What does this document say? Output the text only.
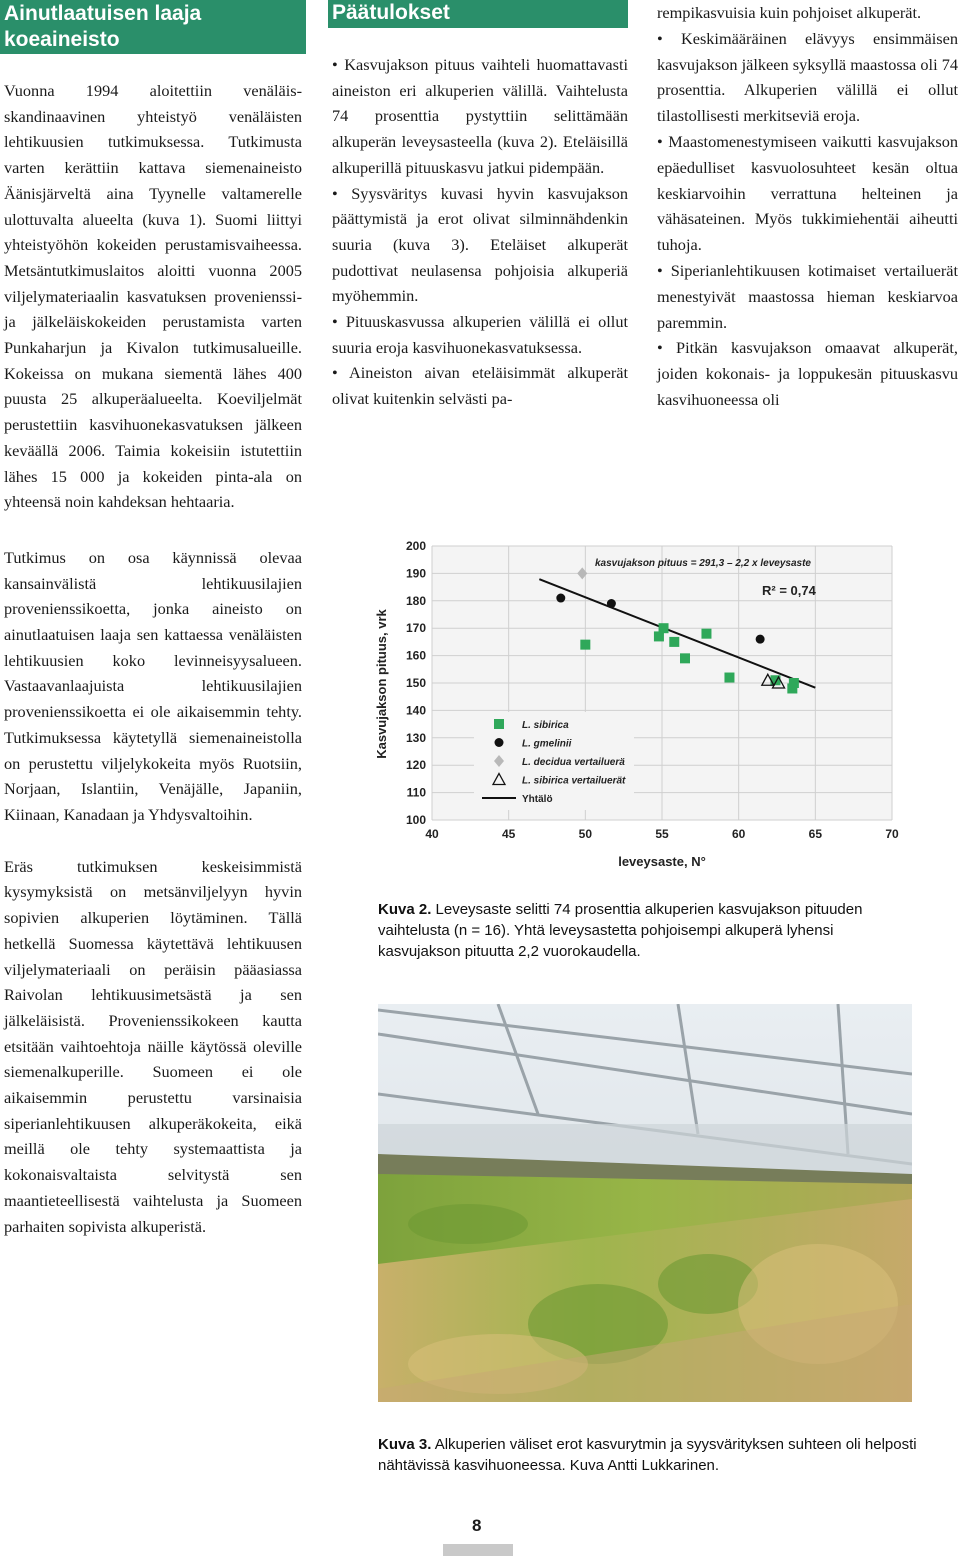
Ainutlaatuisen laaja
koeaineisto

Vuonna 1994 aloitettiin venäläis-skandinaavinen yhteistyö venäläisten lehtikuusien tutkimuksessa. Tutkimusta varten kerättiin kattava siemenaineisto Äänisjärveltä aina Tyynelle valtamerelle ulottuvalta alueelta (kuva 1). Suomi liittyi yhteistyöhön kokeiden perustamisvaiheessa. Metsäntutkimuslaitos aloitti vuonna 2005 viljelymateriaalin kasvatuksen provenienssi- ja jälkeläiskokeiden perustamista varten Punkaharjun ja Kivalon tutkimusalueille. Kokeissa on mukana siementä lähes 400 puusta 25 alkuperäalueelta. Koeviljelmät perustettiin kasvihuonekasvatuksen jälkeen keväällä 2006. Taimia kokeisiin istutettiin lähes 15 000 ja kokeiden pinta-ala on yhteensä noin kahdeksan hehtaaria.

Tutkimus on osa käynnissä olevaa kansainvälistä lehtikuusilajien provenienssikoetta, jonka aineisto on ainutlaatuisen laaja sen kattaessa venäläisten lehtikuusien koko levinneisyysalueen. Vastaavanlaajuista lehtikuusilajien provenienssikoetta ei ole aikaisemmin tehty. Tutkimuksessa käytetyllä siemenaineistolla on perustettu viljelykokeita myös Ruotsiin, Norjaan, Islantiin, Venäjälle, Japaniin, Kiinaan, Kanadaan ja Yhdysvaltoihin.

Eräs tutkimuksen keskeisimmistä kysymyksistä on metsänviljelyyn hyvin sopivien alkuperien löytäminen. Tällä hetkellä Suomessa käytettävä lehtikuusen viljelymateriaali on peräisin pääasiassa Raivolan lehtikuusimetsästä ja sen jälkeläisistä. Provenienssikokeen kautta etsitään vaihtoehtoja näille käytössä oleville siemenalkuperille. Suomeen ei ole aikaisemmin perustettu varsinaisia siperianlehtikuusen alkuperäkokeita, eikä meillä ole tehty systemaattista ja kokonaisvaltaista selvitystä sen maantieteellisestä vaihtelusta ja Suomeen parhaiten sopivista alkuperistä.

Päätulokset

• Kasvujakson pituus vaihteli huomattavasti aineiston eri alkuperien välillä. Vaihtelusta 74 prosenttia pystyttiin selittämään alkuperän leveysasteella (kuva 2). Eteläisillä alkuperillä pituuskasvu jatkui pidempään.

• Syysväritys kuvasi hyvin kasvujakson päättymistä ja erot olivat silminnähdenkin suuria (kuva 3). Eteläiset alkuperät pudottivat neulasensa pohjoisia alkuperiä myöhemmin.

• Pituuskasvussa alkuperien välillä ei ollut suuria eroja kasvihuonekasvatuksessa.

• Aineiston aivan eteläisimmät alkuperät olivat kuitenkin selvästi pa-

rempikasvuisia kuin pohjoiset alkuperät.

• Keskimääräinen elävyys ensimmäisen kasvujakson jälkeen syksyllä maastossa oli 74 prosenttia. Alkuperien välillä ei ollut tilastollisesti merkitseviä eroja.

• Maastomenestymiseen vaikutti kasvujakson epäedulliset kasvuolosuhteet kesän oltua keskiarvoihin verrattuna helteinen ja vähäsateinen. Myös tukkimiehentäi aiheutti tuhoja.

• Siperianlehtikuusen kotimaiset vertailuerät menestyivät maastossa hieman keskiarvoa paremmin.

• Pitkän kasvujakson omaavat alkuperät, joiden kokonais- ja loppukesän pituuskasvu kasvihuoneessa oli

100
110
120
130
140
150
160
170
180
190
200
40	45	50	55	60	65	70
Kasvujakson pituus, vrk
leveysaste, N°
kasvujakson pituus = 291,3 – 2,2 x leveysaste
R² = 0,74
L. sibirica
L. gmelinii
L. decidua vertailuerä
L. sibirica vertailuerät
Yhtälö
Kuva 2. Leveysaste selitti 74 prosenttia alkuperien kasvujakson pituuden vaihtelusta (n = 16). Yhtä leveysastetta pohjoisempi alkuperä lyhensi kasvujakson pituutta 2,2 vuorokaudella.
Kuva 3. Alkuperien väliset erot kasvurytmin ja syysvärityksen suhteen oli helposti nähtävissä kasvihuoneessa. Kuva Antti Lukkarinen.
8
